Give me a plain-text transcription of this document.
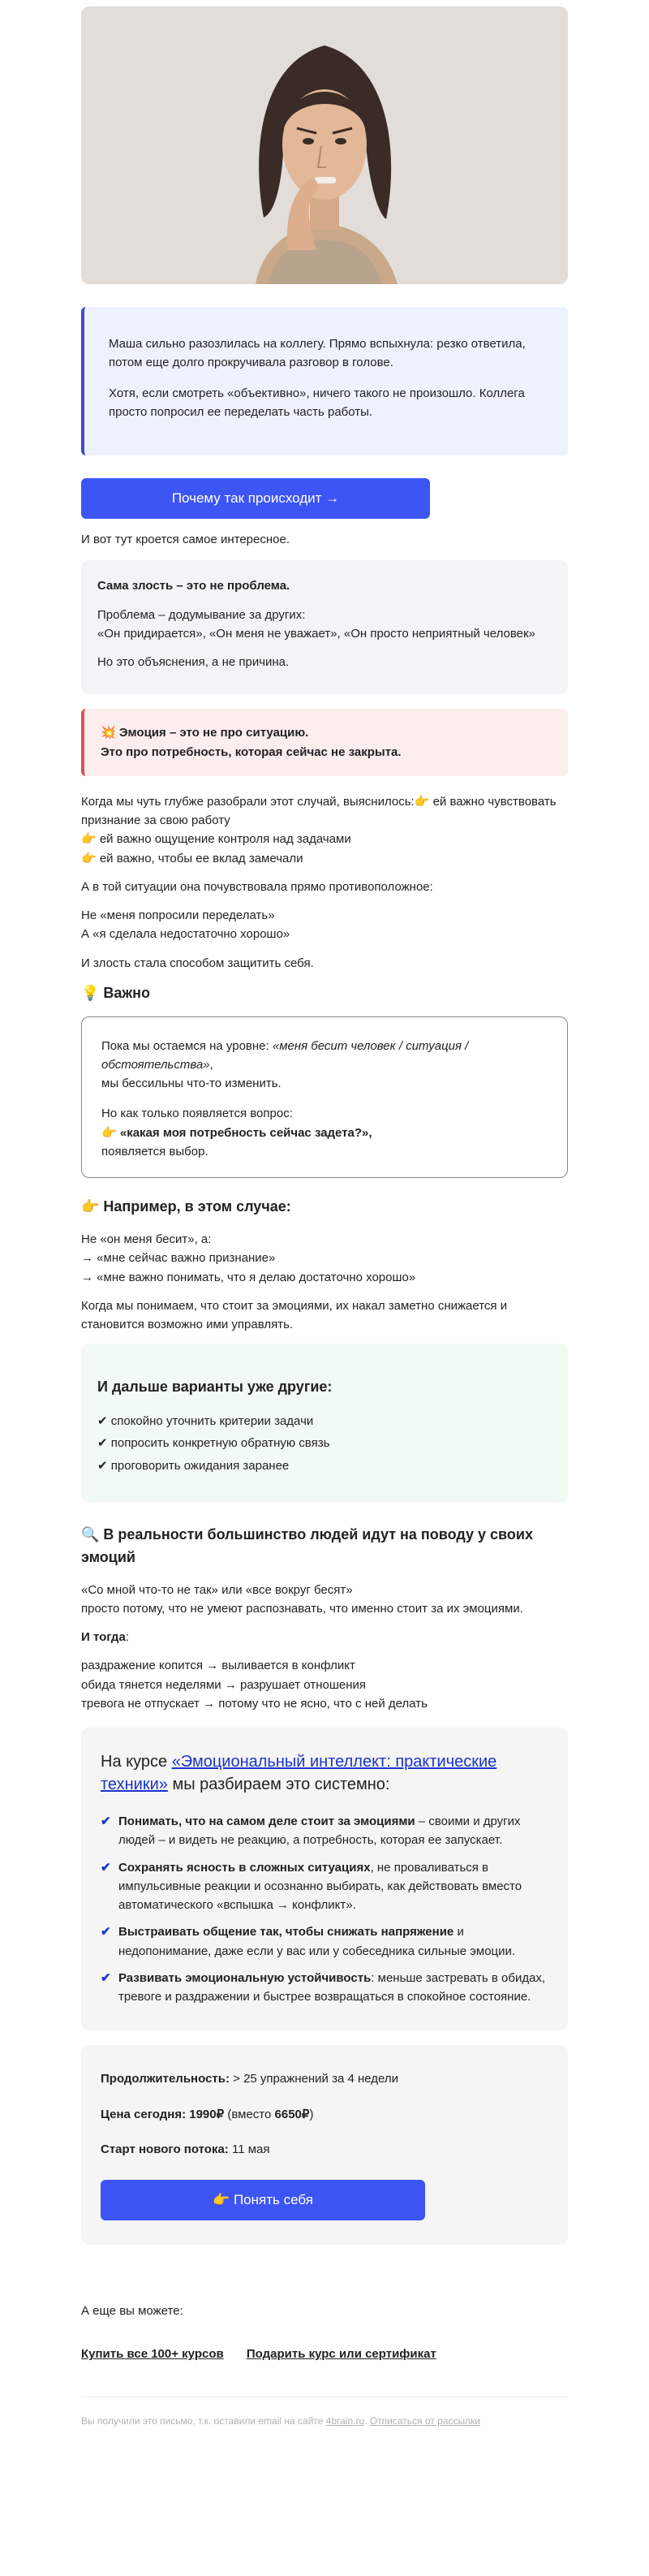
Маша сильно разозлилась на коллегу. Прямо вспыхнула: резко ответила, потом еще долго прокручивала разговор в голове.

Хотя, если смотреть «объективно», ничего такого не произошло. Коллега просто попросил ее переделать часть работы.

Почему так происходит →

И вот тут кроется самое интересное.

Сама злость – это не проблема.

Проблема – додумывание за других:
«Он придирается», «Он меня не уважает», «Он просто неприятный человек»

Но это объяснения, а не причина.

💥 Эмоция – это не про ситуацию.
Это про потребность, которая сейчас не закрыта.

Когда мы чуть глубже разобрали этот случай, выяснилось:👉 ей важно чувствовать признание за свою работу
👉 ей важно ощущение контроля над задачами
👉 ей важно, чтобы ее вклад замечали

А в той ситуации она почувствовала прямо противоположное:

Не «меня попросили переделать»
А «я сделала недостаточно хорошо»

И злость стала способом защитить себя.

💡 Важно

Пока мы остаемся на уровне: «меня бесит человек / ситуация / обстоятельства»,
мы бессильны что-то изменить.

Но как только появляется вопрос:
👉 «какая моя потребность сейчас задета?»,
появляется выбор.

👉 Например, в этом случае:

Не «он меня бесит», а:
→ «мне сейчас важно признание»
→ «мне важно понимать, что я делаю достаточно хорошо»

Когда мы понимаем, что стоит за эмоциями, их накал заметно снижается и становится возможно ими управлять.

И дальше варианты уже другие:
✔ спокойно уточнить критерии задачи
✔ попросить конкретную обратную связь
✔ проговорить ожидания заранее
🔍 В реальности большинство людей идут на поводу у своих эмоций

«Со мной что-то не так» или «все вокруг бесят»
просто потому, что не умеют распознавать, что именно стоит за их эмоциями.

И тогда:

раздражение копится → выливается в конфликт
обида тянется неделями → разрушает отношения
тревога не отпускает → потому что не ясно, что с ней делать

На курсе «Эмоциональный интеллект: практические техники» мы разбираем это системно:
✔ Понимать, что на самом деле стоит за эмоциями – своими и других людей – и видеть не реакцию, а потребность, которая ее запускает.
✔ Сохранять ясность в сложных ситуациях, не проваливаться в импульсивные реакции и осознанно выбирать, как действовать вместо автоматического «вспышка → конфликт».
✔ Выстраивать общение так, чтобы снижать напряжение и недопонимание, даже если у вас или у собеседника сильные эмоции.
✔ Развивать эмоциональную устойчивость: меньше застревать в обидах, тревоге и раздражении и быстрее возвращаться в спокойное состояние.

Продолжительность: > 25 упражнений за 4 недели

Цена сегодня: 1990₽ (вместо 6650₽)

Старт нового потока: 11 мая

👉 Понять себя

А еще вы можете:

Купить все 100+ курсов Подарить курс или сертификат
Вы получили это письмо, т.к. оставили email на сайте 4brain.ru. Отписаться от рассылки
